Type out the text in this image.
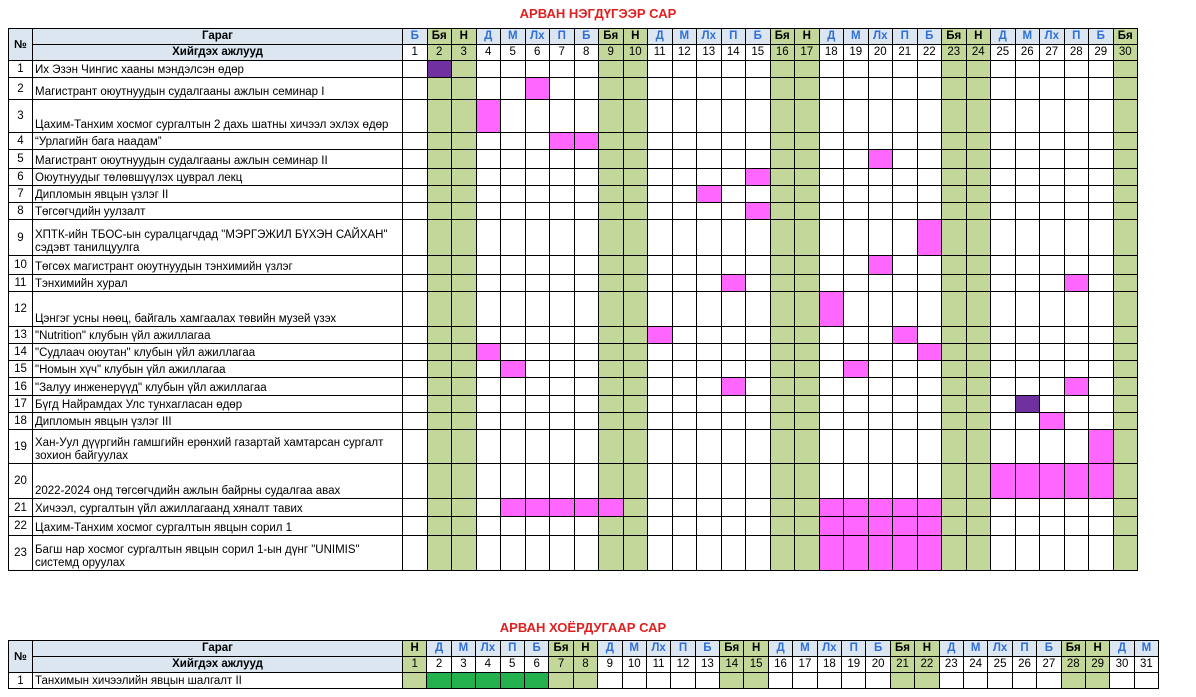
АРВАН НЭГДҮГЭЭР САР
№	Гараг	Б	Бя	Н	Д	М	Лх	П	Б	Бя	Н	Д	М	Лх	П	Б	Бя	Н	Д	М	Лх	П	Б	Бя	Н	Д	М	Лх	П	Б	Бя
	Хийгдэх ажлууд	1	2	3	4	5	6	7	8	9	10	11	12	13	14	15	16	17	18	19	20	21	22	23	24	25	26	27	28	29	30
1	Их Эзэн Чингис хааны мэндэлсэн өдөр																														
2	Магистрант оюутнуудын судалгааны ажлын семинар I																														
3	Цахим-Танхим хосмог сургалтын 2 дахь шатны хичээл эхлэх өдөр																														
4	“Урлагийн бага наадам”																														
5	Магистрант оюутнуудын судалгааны ажлын семинар II																														
6	Оюутнуудыг төлөвшүүлэх цуврал лекц																														
7	Дипломын явцын үзлэг II																														
8	Төгсөгчдийн уулзалт																														
9	ХПТК-ийн ТБОС-ын суралцагчдад "МЭРГЭЖИЛ БҮХЭН САЙХАН" сэдэвт танилцуулга																														
10	Төгсөх магистрант оюутнуудын тэнхимийн үзлэг																														
11	Тэнхимийн хурал																														
12	Цэнгэг усны нөөц, байгаль хамгаалах төвийн музей үзэх																														
13	"Nutrition" клубын үйл ажиллагаа																														
14	"Судлаач оюутан" клубын үйл ажиллагаа																														
15	"Номын хүч" клубын үйл ажиллагаа																														
16	"Залуу инженерүүд" клубын үйл ажиллагаа																														
17	Бүгд Найрамдах Улс тунхагласан өдөр																														
18	Дипломын явцын үзлэг III																														
19	Хан-Уул дүүргийн гамшгийн ерөнхий газартай хамтарсан сургалт зохион байгуулах																														
20	2022-2024 онд төгсөгчдийн ажлын байрны судалгаа авах																														
21	Хичээл, сургалтын үйл ажиллагаанд хяналт тавих																														
22	Цахим-Танхим хосмог сургалтын явцын сорил 1																														
23	Багш нар хосмог сургалтын явцын сорил 1-ын дүнг "UNIMIS" системд оруулах																														
АРВАН ХОЁРДУГААР САР
№	Гараг	Н	Д	М	Лх	П	Б	Бя	Н	Д	М	Лх	П	Б	Бя	Н	Д	М	Лх	П	Б	Бя	Н	Д	М	Лх	П	Б	Бя	Н	Д	М
	Хийгдэх ажлууд	1	2	3	4	5	6	7	8	9	10	11	12	13	14	15	16	17	18	19	20	21	22	23	24	25	26	27	28	29	30	31
1	Танхимын хичээлийн явцын шалгалт II																															
